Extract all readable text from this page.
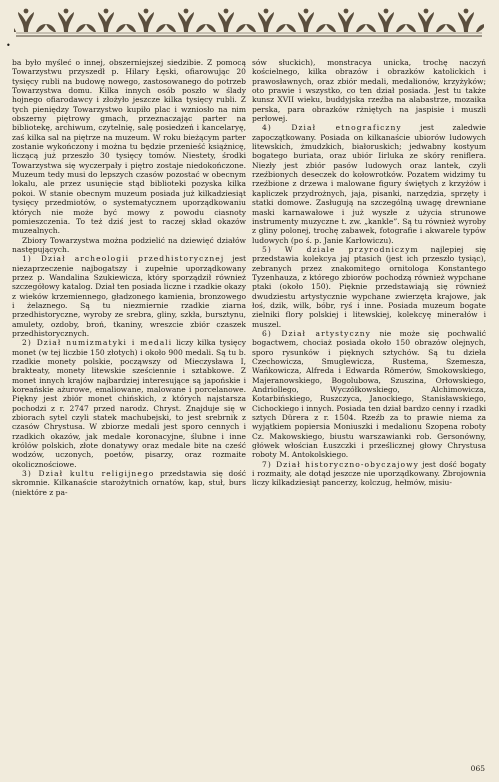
•

ba było myśleć o innej, obszerniejszej siedzibie. Z pomocą Towarzystwu przyszedł p. Hilary Łęski, ofiarowując 20 tysięcy rubli na budowę nowego, zastosowanego do potrzeb Towarzystwa domu. Kilka innych osób poszło w ślady hojnego ofiarodawcy i złożyło jeszcze kilka tysięcy rubli. Z tych pieniędzy Towarzystwo kupiło plac i wzniosło na nim obszerny piętrowy gmach, przeznaczając parter na bibliotekę, archiwum, czytelnię, salę posiedzeń i kancelaryę, zaś kilka sal na piętrze na muzeum. W roku bieżącym parter zostanie wykończony i można tu będzie przenieść książnicę, liczącą już przeszło 30 tysięcy tomów. Niestety, środki Towarzystwa się wyczerpały i piętro zostaje niedokończone. Muzeum tedy musi do lepszych czasów pozostać w obecnym lokalu, ale przez usunięcie stąd biblioteki pozyska kilka pokoi. W stanie obecnym muzeum posiada już kilkadziesiąt tysięcy przedmiotów, o systematycznem uporządkowaniu których nie może być mowy z powodu ciasnoty pomieszczenia. To też dziś jest to raczej skład okazów muzealnych.

Zbiory Towarzystwa można podzielić na dziewięć działów następujących.

1) Dział archeologii przedhistorycznej jest niezaprzeczenie najbogatszy i zupełnie uporządkowany przez p. Wandalina Szukiewicza, który sporządził również szczegółowy katalog. Dział ten posiada liczne i rzadkie okazy z wieków krzemiennego, gładzonego kamienia, bronzowego i żelaznego. Są tu niezmiernie rzadkie ziarna przedhistoryczne, wyroby ze srebra, gliny, szkła, bursztynu, amulety, ozdoby, broń, tkaniny, wreszcie zbiór czaszek przedhistorycznych.

2) Dział numizmatyki i medali liczy kilka tysięcy monet (w tej liczbie 150 złotych) i około 900 medali. Są tu b. rzadkie monety polskie, począwszy od Mieczysława I, brakteaty, monety litewskie sześciennie i sztabkowe. Z monet innych krajów najbardziej interesujące są japońskie i koreańskie ażurowe, emaliowane, malowane i porcelanowe. Piękny jest zbiór monet chińskich, z których najstarsza pochodzi z r. 2747 przed narodz. Chryst. Znajduje się w zbiorach sytel czyli statek machubejski, to jest srebrnik z czasów Chrystusa. W zbiorze medali jest sporo cennych i rzadkich okazów, jak medale koronacyjne, ślubne i inne królów polskich, złote donatywy oraz medale bite na cześć wodzów, uczonych, poetów, pisarzy, oraz rozmaite okolicznościowe.

3) Dział kultu religijnego przedstawia się dość skromnie. Kilkanaście starożytnich ornatów, kap, stuł, burs (niektóre z pa-

sów słuckich), monstracya unicka, trochę naczyń kościelnego, kilka obrazów i obrazków katolickich i prawosławnych, oraz zbiór medali, medalionów, krzyżyków; oto prawie i wszystko, co ten dział posiada. Jest tu także kunsz XVII wieku, buddyjska rzeźba na alabastrze, mozaika perska, para obrazków rżniętych na jaspisie i muszli perłowej.

4) Dział etnograficzny jest zaledwie zapoczątkowany. Posiada on kilkanaście ubiorów ludowych litewskich, żmudzkich, białoruskich; jedwabny kostyum bogatego buriata, oraz ubiór Iirluka ze skóry reniflera. Niezły jest zbiór pasów ludowych oraz lantek, czyli rzeźbionych deseczek do kołowrotków. Pozatem widzimy tu rzeźbione z drzewa i malowane figury świętych z krzyżów i kapliczek przydrożnych, jaja, pisanki, narzędzia, sprzęty i statki domowe. Zasługują na szczególną uwagę drewniane maski karnawałowe i już wyszłe z użycia strunowe instrumenty muzyczne t. zw. „kankle”. Są tu również wyroby z gliny polonej, trochę zabawek, fotografie i akwarele typów ludowych (po ś. p. Janie Karłowiczu).

5) W dziale przyrodniczym najlepiej się przedstawia kolekcya jaj ptasich (jest ich przeszło tysiąc), zebranych przez znakomitego ornitologa Konstantego Tyzenhauza, z którego zbiorów pochodzą również wypchane ptaki (około 150). Pięknie przedstawiają się również dwudziestu artystycznie wypchane zwierzęta krajowe, jak łoś, dzik, wilk, bóbr, ryś i inne. Posiada muzeum bogate zielniki flory polskiej i litewskiej, kolekcyę minerałów i muszel.

6) Dział artystyczny nie może się pochwalić bogactwem, chociaż posiada około 150 obrazów olejnych, sporo rysunków i pięknych sztychów. Są tu dzieła Czechowicza, Smuglewicza, Rustema, Szemesza, Wańkowicza, Alfreda i Edwarda Römerów, Smokowskiego, Majeranowskiego, Bogolubowa, Szuszina, Orłowskiego, Andriollego, Wyczółkowskiego, Alchimowicza, Kotarbińskiego, Ruszczyca, Janockiego, Stanisławskiego, Cichockiego i innych. Posiada ten dział bardzo cenny i rzadki sztych Dürera z r. 1504. Rzeźb za to prawie niema za wyjątkiem popiersia Moniuszki i medalionu Szopena roboty Cz. Makowskiego, biustu warszawianki rob. Gersonówny, główek włościan Łuszczki i prześlicznej głowy Chrystusa roboty M. Antokolskiego.

7) Dział historyczno-obyczajowy jest dość bogaty i rozmaity, ale dotąd jeszcze nie uporządkowany. Zbrojownia liczy kilkadziesiąt pancerzy, kolczug, hełmów, misiu-

065
